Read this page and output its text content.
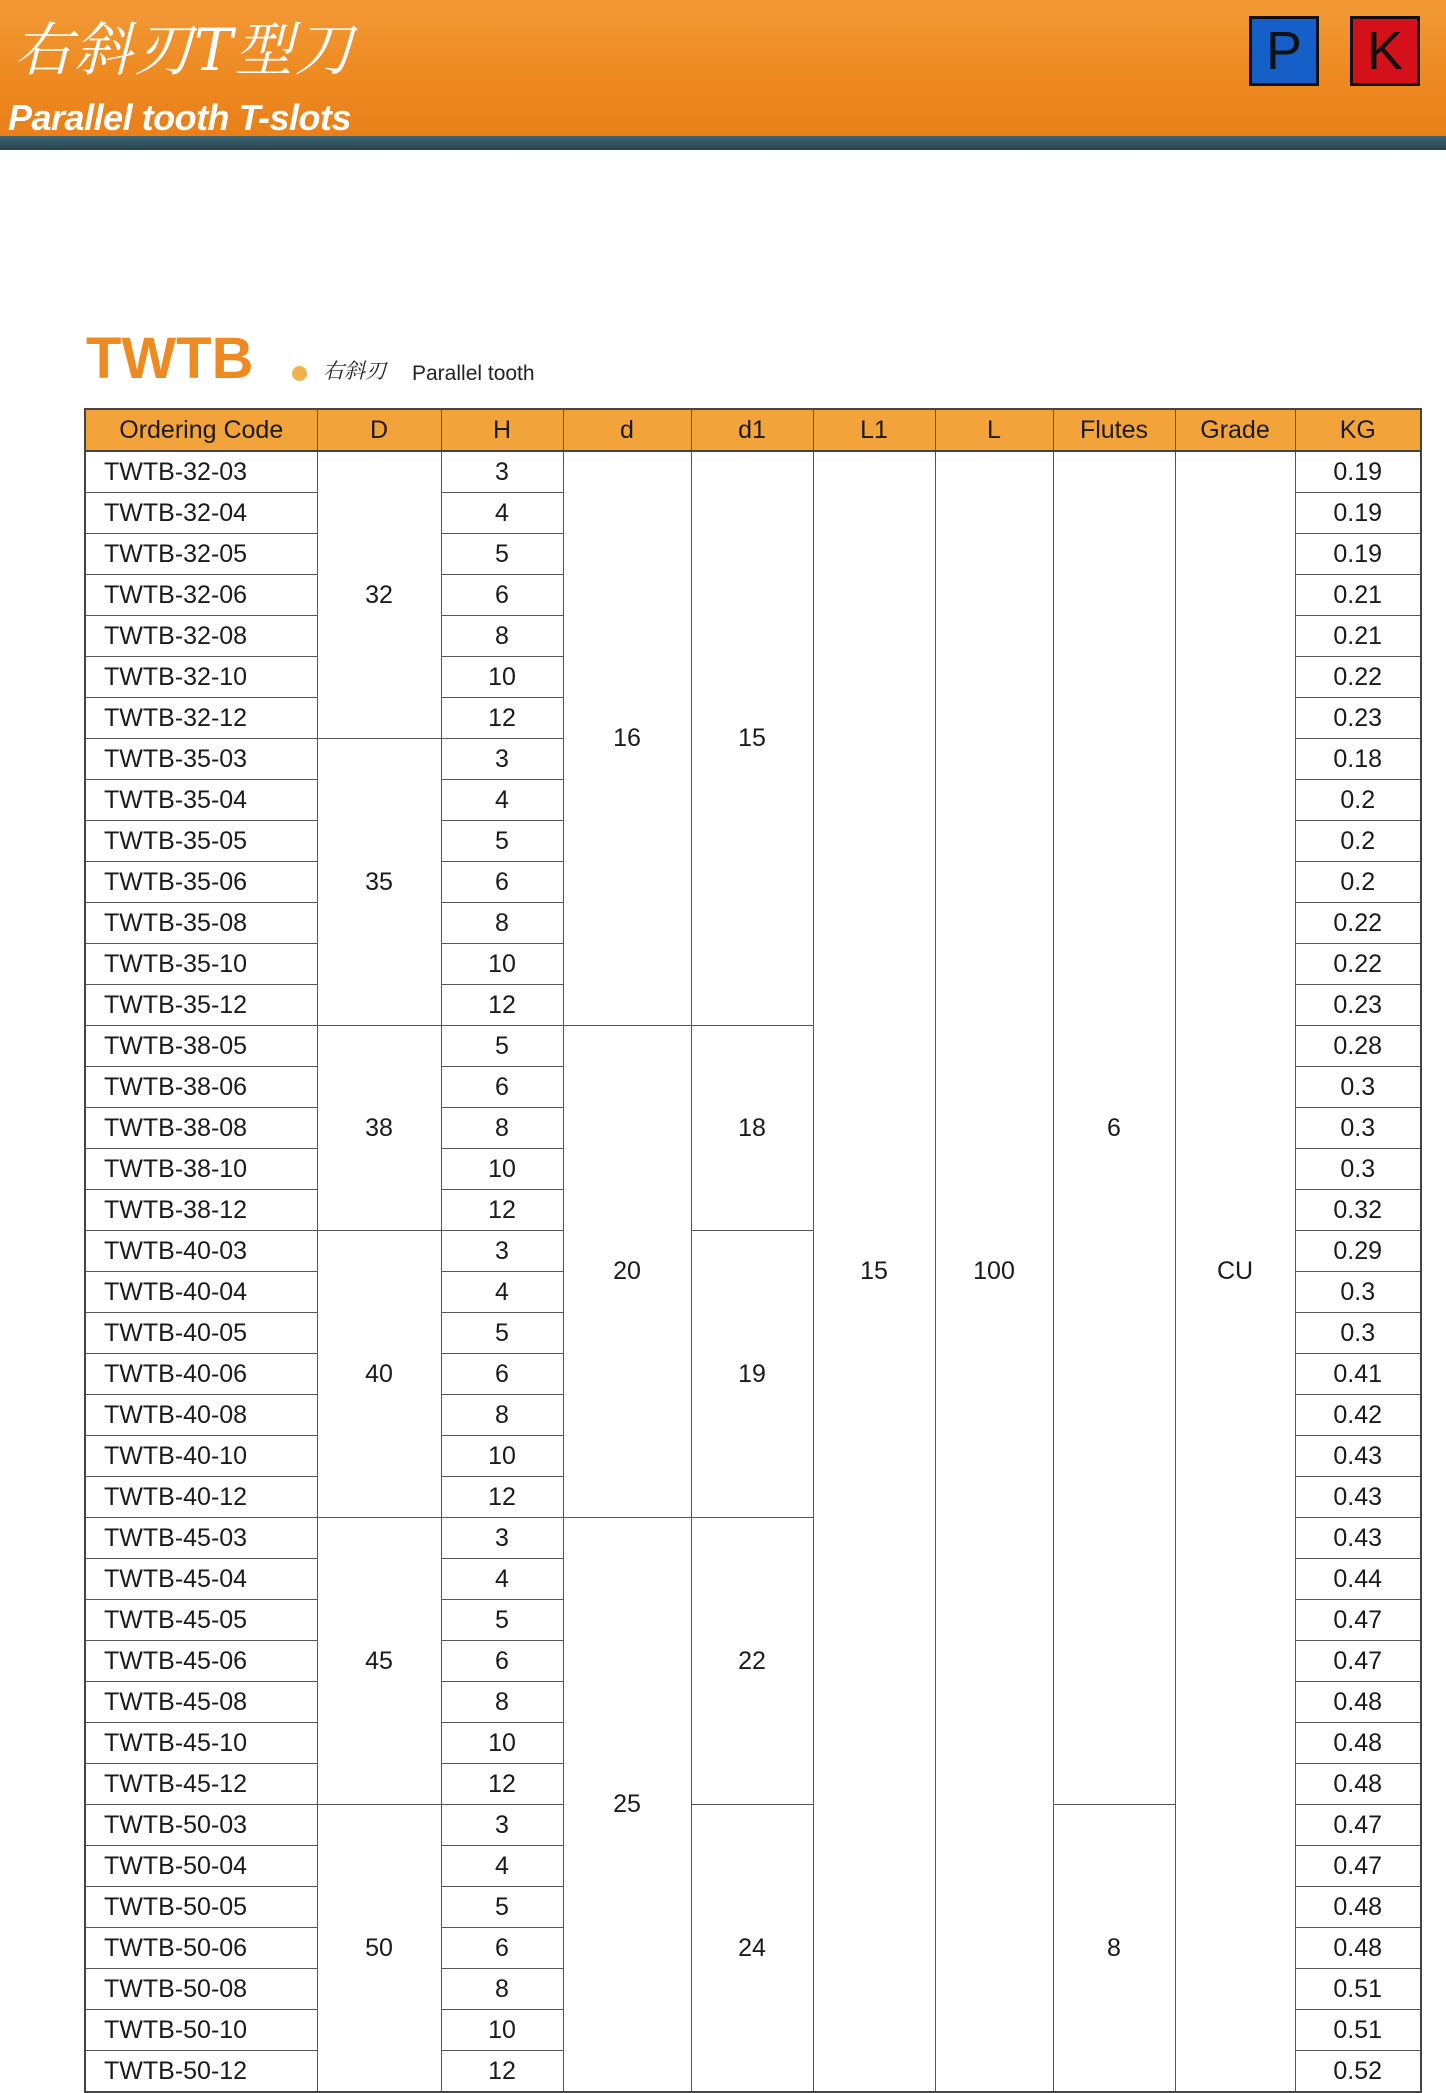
右斜刃T型刀
Parallel tooth T-slots
P	K
TWTB	右斜刃 Parallel tooth
Ordering Code	D	H	d	d1	L1	L	Flutes	Grade	KG
TWTB-32-03	32	3	16	15	15	100	6	CU	0.19
TWTB-32-04		4							0.19
TWTB-32-05		5							0.19
TWTB-32-06		6							0.21
TWTB-32-08		8							0.21
TWTB-32-10		10							0.22
TWTB-32-12		12							0.23
TWTB-35-03	35	3							0.18
TWTB-35-04		4							0.2
TWTB-35-05		5							0.2
TWTB-35-06		6							0.2
TWTB-35-08		8							0.22
TWTB-35-10		10							0.22
TWTB-35-12		12							0.23
TWTB-38-05	38	5	20	18					0.28
TWTB-38-06		6							0.3
TWTB-38-08		8							0.3
TWTB-38-10		10							0.3
TWTB-38-12		12							0.32
TWTB-40-03	40	3		19					0.29
TWTB-40-04		4							0.3
TWTB-40-05		5							0.3
TWTB-40-06		6							0.41
TWTB-40-08		8							0.42
TWTB-40-10		10							0.43
TWTB-40-12		12							0.43
TWTB-45-03	45	3	25	22					0.43
TWTB-45-04		4							0.44
TWTB-45-05		5							0.47
TWTB-45-06		6							0.47
TWTB-45-08		8							0.48
TWTB-45-10		10							0.48
TWTB-45-12		12							0.48
TWTB-50-03	50	3		24			8		0.47
TWTB-50-04		4							0.47
TWTB-50-05		5							0.48
TWTB-50-06		6							0.48
TWTB-50-08		8							0.51
TWTB-50-10		10							0.51
TWTB-50-12		12							0.52
